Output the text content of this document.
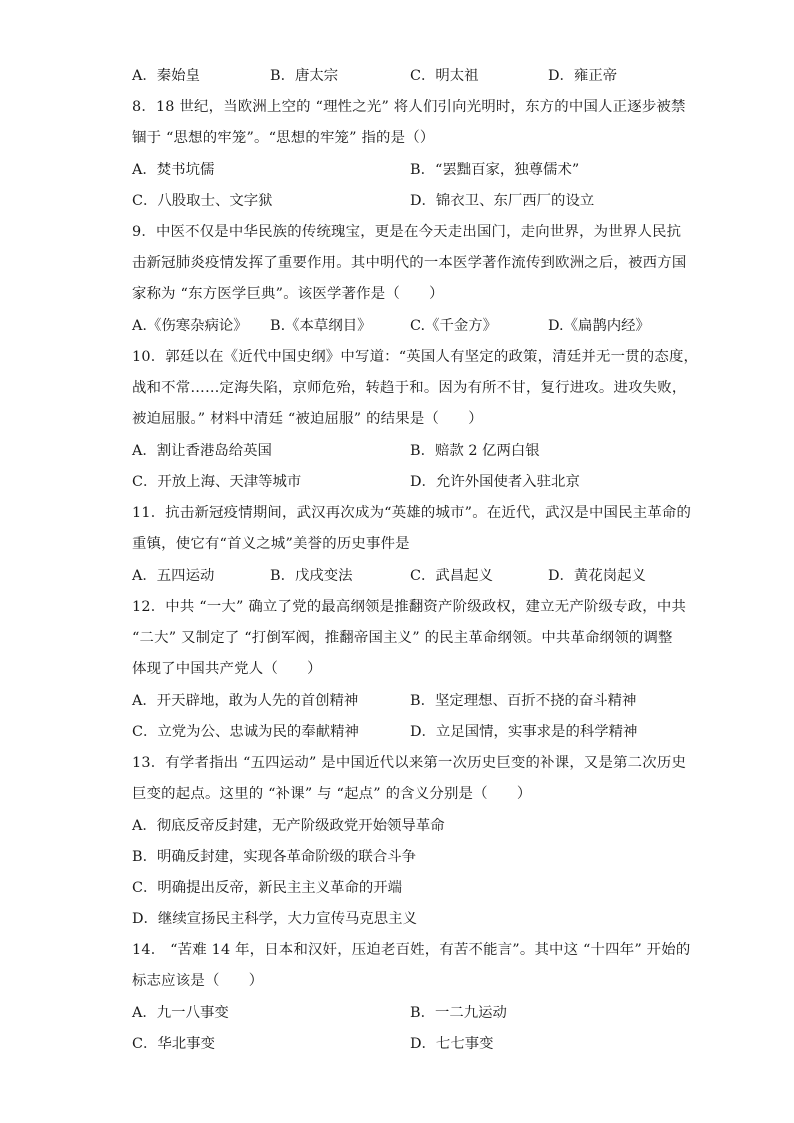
A．秦始皇	B．唐太宗	C．明太祖	D．雍正帝
8．18 世纪，当欧洲上空的 “理性之光” 将人们引向光明时，东方的中国人正逐步被禁
锢于 “思想的牢笼”。“思想的牢笼” 指的是（）
A．焚书坑儒	B．“罢黜百家，独尊儒术”
C．八股取士、文字狱	D．锦衣卫、东厂西厂的设立
9．中医不仅是中华民族的传统瑰宝，更是在今天走出国门，走向世界，为世界人民抗
击新冠肺炎疫情发挥了重要作用。其中明代的一本医学著作流传到欧洲之后，被西方国
家称为 “东方医学巨典”。该医学著作是（　　）
A.《伤寒杂病论》 B.《本草纲目》	C.《千金方》	D.《扁鹊内经》
10．郭廷以在《近代中国史纲》中写道：“英国人有坚定的政策，清廷并无一贯的态度，
战和不常……定海失陷，京师危殆，转趋于和。因为有所不甘，复行进攻。进攻失败，
被迫屈服。” 材料中清廷 “被迫屈服” 的结果是（　　）
A．割让香港岛给英国	B．赔款 2 亿两白银
C．开放上海、天津等城市	D．允许外国使者入驻北京
11．抗击新冠疫情期间，武汉再次成为“英雄的城市”。在近代，武汉是中国民主革命的
重镇，使它有“首义之城”美誉的历史事件是
A．五四运动	B．戊戌变法	C．武昌起义	D．黄花岗起义
12．中共 “一大” 确立了党的最高纲领是推翻资产阶级政权，建立无产阶级专政，中共
“二大” 又制定了 “打倒军阀，推翻帝国主义” 的民主革命纲领。中共革命纲领的调整
体现了中国共产党人（　　）
A．开天辟地，敢为人先的首创精神	B．坚定理想、百折不挠的奋斗精神
C．立党为公、忠诚为民的奉献精神	D．立足国情，实事求是的科学精神
13．有学者指出 “五四运动” 是中国近代以来第一次历史巨变的补课，又是第二次历史
巨变的起点。这里的 “补课” 与 “起点” 的含义分别是（　　）
A．彻底反帝反封建，无产阶级政党开始领导革命
B．明确反封建，实现各革命阶级的联合斗争
C．明确提出反帝，新民主主义革命的开端
D．继续宣扬民主科学，大力宣传马克思主义
14． “苦难 14 年，日本和汉奸，压迫老百姓，有苦不能言”。其中这 “十四年” 开始的
标志应该是（　　）
A．九一八事变	B．一二九运动
C．华北事变	D．七七事变
